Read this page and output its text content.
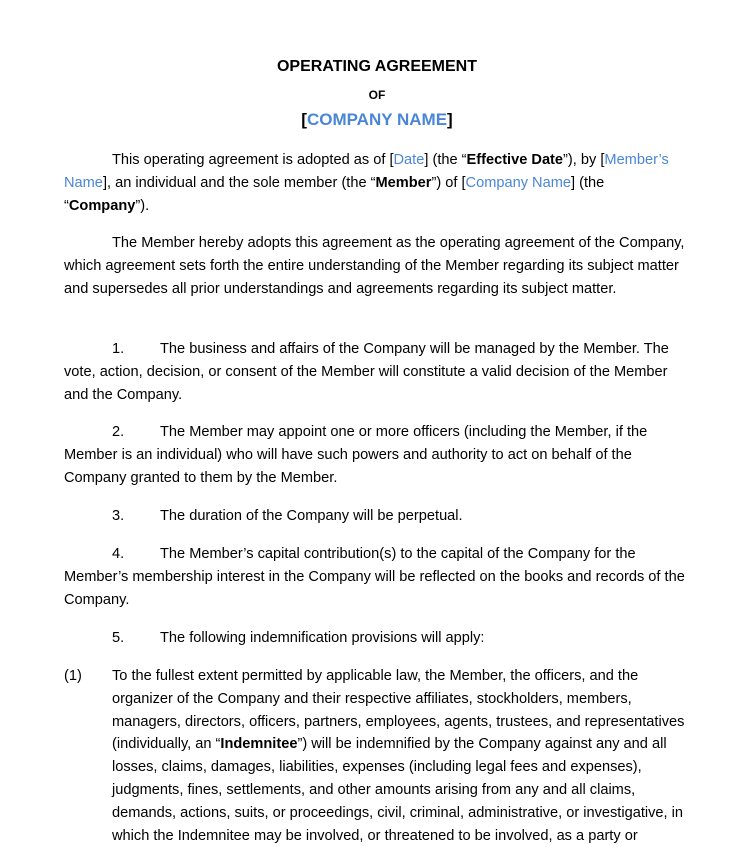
OPERATING AGREEMENT
OF
[COMPANY NAME]

This operating agreement is adopted as of [Date] (the “Effective Date”), by [Member’s Name], an individual and the sole member (the “Member”) of [Company Name] (the “Company”).

The Member hereby adopts this agreement as the operating agreement of the Company, which agreement sets forth the entire understanding of the Member regarding its subject matter and supersedes all prior understandings and agreements regarding its subject matter.

1. The business and affairs of the Company will be managed by the Member. The vote, action, decision, or consent of the Member will constitute a valid decision of the Member and the Company.

2. The Member may appoint one or more officers (including the Member, if the Member is an individual) who will have such powers and authority to act on behalf of the Company granted to them by the Member.

3. The duration of the Company will be perpetual.

4. The Member’s capital contribution(s) to the capital of the Company for the Member’s membership interest in the Company will be reflected on the books and records of the Company.

5. The following indemnification provisions will apply:

(1) To the fullest extent permitted by applicable law, the Member, the officers, and the organizer of the Company and their respective affiliates, stockholders, members, managers, directors, officers, partners, employees, agents, trustees, and representatives (individually, an “Indemnitee”) will be indemnified by the Company against any and all losses, claims, damages, liabilities, expenses (including legal fees and expenses), judgments, fines, settlements, and other amounts arising from any and all claims, demands, actions, suits, or proceedings, civil, criminal, administrative, or investigative, in which the Indemnitee may be involved, or threatened to be involved, as a party or
